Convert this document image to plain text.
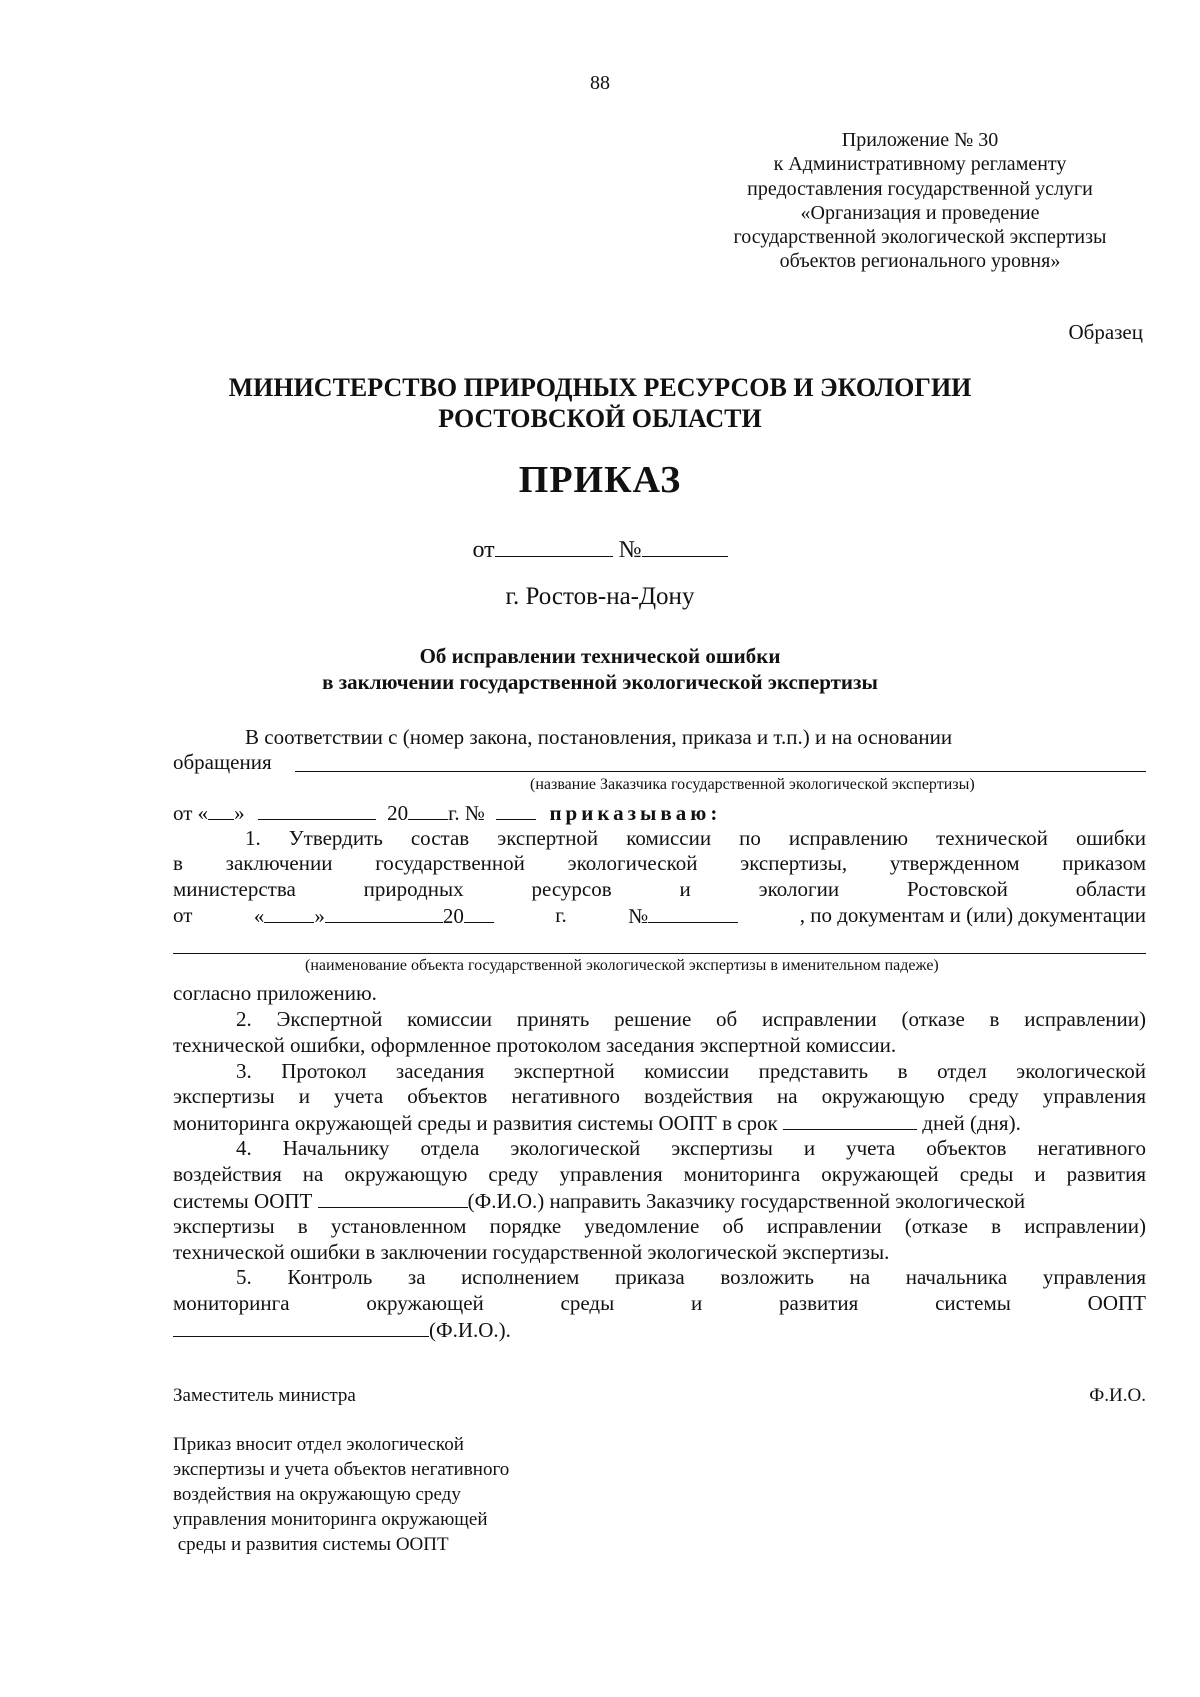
88
Приложение № 30
к Административному регламенту
предоставления государственной услуги
«Организация и проведение
государственной экологической экспертизы
объектов регионального уровня»
Образец
МИНИСТЕРСТВО ПРИРОДНЫХ РЕСУРСОВ И ЭКОЛОГИИ
РОСТОВСКОЙ ОБЛАСТИ
ПРИКАЗ
от	№
г. Ростов-на-Дону
Об исправлении технической ошибки
в заключении государственной экологической экспертизы
В соответствии с (номер закона, постановления, приказа и т.п.) и на основании
обращения
(название Заказчика государственной экологической экспертизы)
от « »	20 г. №	приказываю:
1. Утвердить состав экспертной комиссии по исправлению технической ошибки
в заключении государственной экологической экспертизы, утвержденном приказом
министерства природных ресурсов и экологии Ростовской области
от	« »	20	г.	№	, по документам и (или) документации
(наименование объекта государственной экологической экспертизы в именительном падеже)
согласно приложению.
2. Экспертной комиссии принять решение об исправлении (отказе в исправлении)
технической ошибки, оформленное протоколом заседания экспертной комиссии.
3. Протокол заседания экспертной комиссии представить в отдел экологической
экспертизы и учета объектов негативного воздействия на окружающую среду управления
мониторинга окружающей среды и развития системы ООПТ в срок	дней (дня).
4. Начальнику отдела экологической экспертизы и учета объектов негативного
воздействия на окружающую среду управления мониторинга окружающей среды и развития
системы ООПТ	(Ф.И.О.) направить Заказчику государственной экологической
экспертизы в установленном порядке уведомление об исправлении (отказе в исправлении)
технической ошибки в заключении государственной экологической экспертизы.
5. Контроль за исполнением приказа возложить на начальника управления
мониторинга окружающей среды и развития системы ООПТ
(Ф.И.О.).
Заместитель министра	Ф.И.О.
Приказ вносит отдел экологической
экспертизы и учета объектов негативного
воздействия на окружающую среду
управления мониторинга окружающей
среды и развития системы ООПТ
